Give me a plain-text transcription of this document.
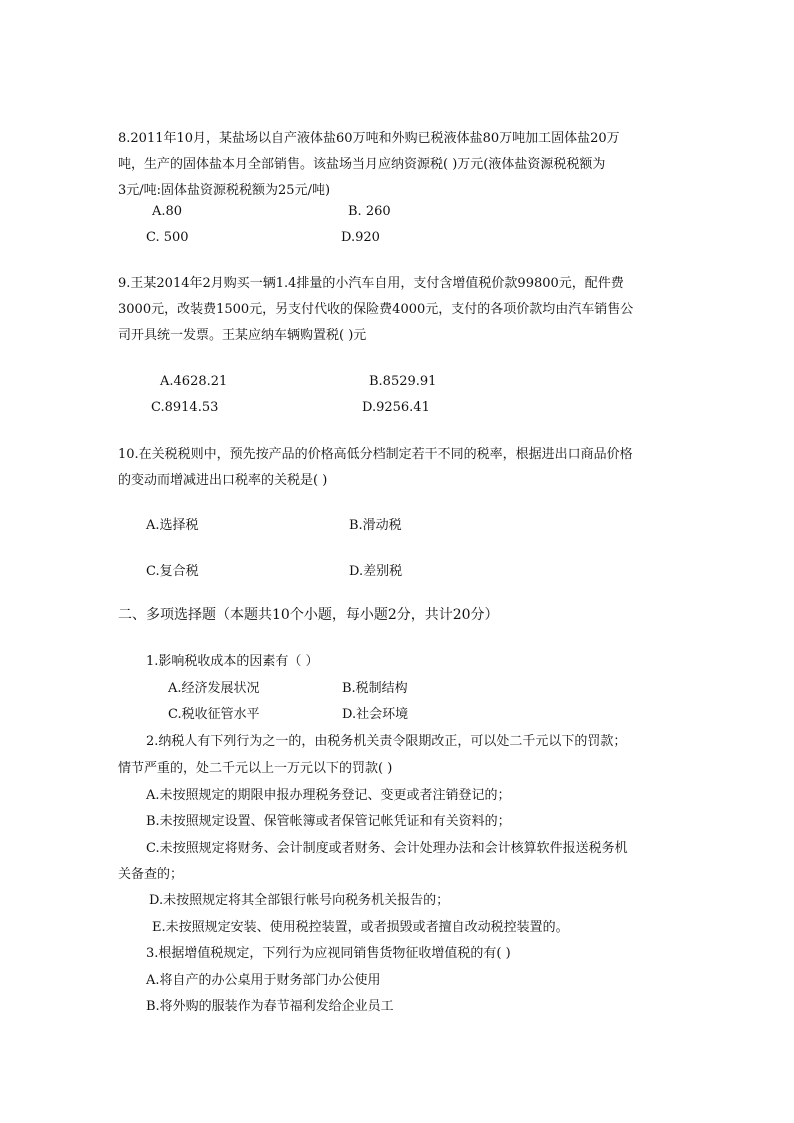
8.2011年10月，某盐场以自产液体盐60万吨和外购已税液体盐80万吨加工固体盐20万
吨，生产的固体盐本月全部销售。该盐场当月应纳资源税( )万元(液体盐资源税税额为
3元/吨:固体盐资源税税额为25元/吨)
A.80	B. 260
C. 500	D.920
9.王某2014年2月购买一辆1.4排量的小汽车自用，支付含增值税价款99800元，配件费
3000元，改装费1500元，另支付代收的保险费4000元，支付的各项价款均由汽车销售公
司开具统一发票。王某应纳车辆购置税( )元
A.4628.21	B.8529.91
C.8914.53	D.9256.41
10.在关税税则中，预先按产品的价格高低分档制定若干不同的税率，根据进出口商品价格
的变动而增减进出口税率的关税是( )
A.选择税	B.滑动税
C.复合税	D.差别税
二、多项选择题（本题共10个小题，每小题2分，共计20分）
1.影响税收成本的因素有（ ）
A.经济发展状况	B.税制结构
C.税收征管水平	D.社会环境
2.纳税人有下列行为之一的，由税务机关责令限期改正，可以处二千元以下的罚款；
情节严重的，处二千元以上一万元以下的罚款( )
A.未按照规定的期限申报办理税务登记、变更或者注销登记的；
B.未按照规定设置、保管帐簿或者保管记帐凭证和有关资料的；
C.未按照规定将财务、会计制度或者财务、会计处理办法和会计核算软件报送税务机
关备查的；
D.未按照规定将其全部银行帐号向税务机关报告的；
E.未按照规定安装、使用税控装置，或者损毁或者擅自改动税控装置的。
3.根据增值税规定，下列行为应视同销售货物征收增值税的有( )
A.将自产的办公桌用于财务部门办公使用
B.将外购的服装作为春节福利发给企业员工
